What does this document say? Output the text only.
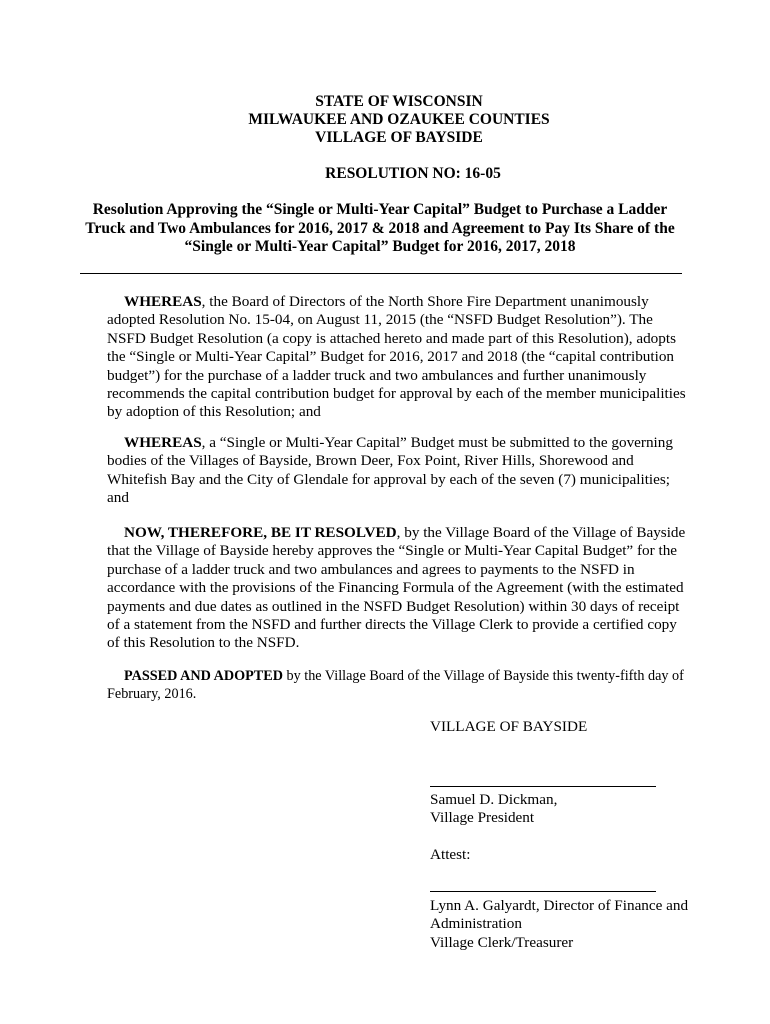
STATE OF WISCONSIN
MILWAUKEE AND OZAUKEE COUNTIES
VILLAGE OF BAYSIDE
RESOLUTION NO: 16-05
Resolution Approving the “Single or Multi-Year Capital” Budget to Purchase a Ladder Truck and Two Ambulances for 2016, 2017 & 2018 and Agreement to Pay Its Share of the “Single or Multi-Year Capital” Budget for 2016, 2017, 2018
WHEREAS, the Board of Directors of the North Shore Fire Department unanimously adopted Resolution No. 15-04, on August 11, 2015 (the “NSFD Budget Resolution”). The NSFD Budget Resolution (a copy is attached hereto and made part of this Resolution), adopts the “Single or Multi-Year Capital” Budget for 2016, 2017 and 2018 (the “capital contribution budget”) for the purchase of a ladder truck and two ambulances and further unanimously recommends the capital contribution budget for approval by each of the member municipalities by adoption of this Resolution; and
WHEREAS, a “Single or Multi-Year Capital” Budget must be submitted to the governing bodies of the Villages of Bayside, Brown Deer, Fox Point, River Hills, Shorewood and Whitefish Bay and the City of Glendale for approval by each of the seven (7) municipalities; and
NOW, THEREFORE, BE IT RESOLVED, by the Village Board of the Village of Bayside that the Village of Bayside hereby approves the “Single or Multi-Year Capital Budget” for the purchase of a ladder truck and two ambulances and agrees to payments to the NSFD in accordance with the provisions of the Financing Formula of the Agreement (with the estimated payments and due dates as outlined in the NSFD Budget Resolution) within 30 days of receipt of a statement from the NSFD and further directs the Village Clerk to provide a certified copy of this Resolution to the NSFD.
PASSED AND ADOPTED by the Village Board of the Village of Bayside this twenty-fifth day of February, 2016.
VILLAGE OF BAYSIDE
Samuel D. Dickman,
Village President
Attest:
Lynn A. Galyardt, Director of Finance and Administration
Village Clerk/Treasurer
